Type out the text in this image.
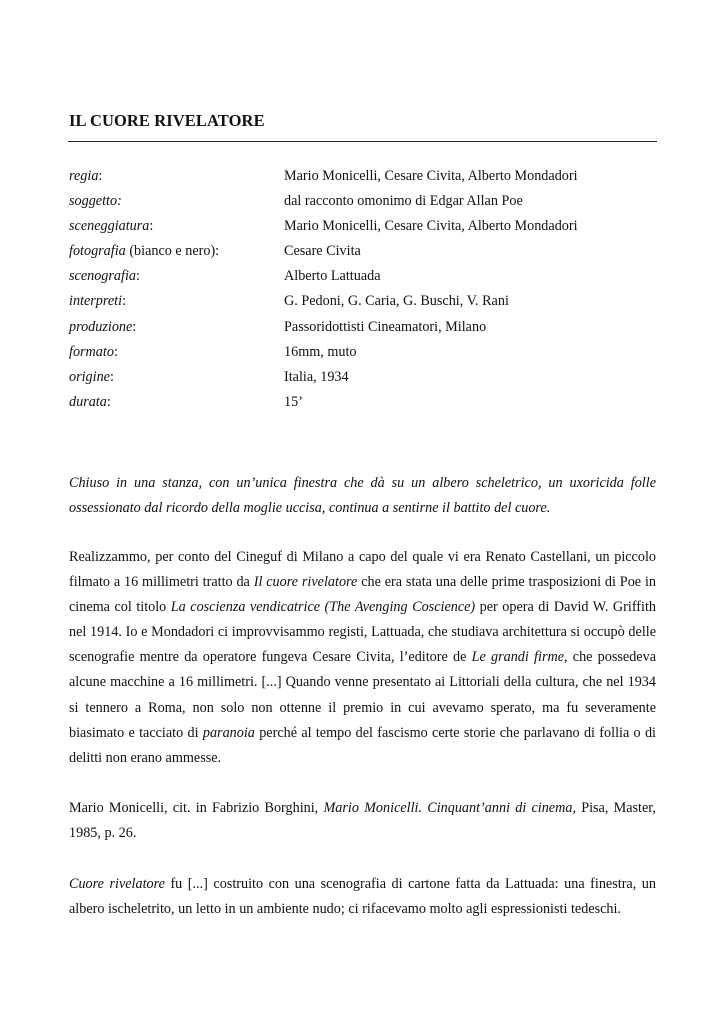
IL CUORE RIVELATORE
regia:	Mario Monicelli, Cesare Civita, Alberto Mondadori
soggetto:	dal racconto omonimo di Edgar Allan Poe
sceneggiatura:	Mario Monicelli, Cesare Civita, Alberto Mondadori
fotografia (bianco e nero):	Cesare Civita
scenografia:	Alberto Lattuada
interpreti:	G. Pedoni, G. Caria, G. Buschi, V. Rani
produzione:	Passoridottisti Cineamatori, Milano
formato:	16mm, muto
origine:	Italia, 1934
durata:	15’

Chiuso in una stanza, con un’unica finestra che dà su un albero scheletrico, un uxoricida folle ossessionato dal ricordo della moglie uccisa, continua a sentirne il battito del cuore.

Realizzammo, per conto del Cineguf di Milano a capo del quale vi era Renato Castellani, un piccolo filmato a 16 millimetri tratto da Il cuore rivelatore che era stata una delle prime trasposizioni di Poe in cinema col titolo La coscienza vendicatrice (The Avenging Coscience) per opera di David W. Griffith nel 1914. Io e Mondadori ci improvvisammo registi, Lattuada, che studiava architettura si occupò delle scenografie mentre da operatore fungeva Cesare Civita, l’editore de Le grandi firme, che possedeva alcune macchine a 16 millimetri. [...] Quando venne presentato ai Littoriali della cultura, che nel 1934 si tennero a Roma, non solo non ottenne il premio in cui avevamo sperato, ma fu severamente biasimato e tacciato di paranoia perché al tempo del fascismo certe storie che parlavano di follia o di delitti non erano ammesse.

Mario Monicelli, cit. in Fabrizio Borghini, Mario Monicelli. Cinquant’anni di cinema, Pisa, Master, 1985, p. 26.

Cuore rivelatore fu [...] costruito con una scenografia di cartone fatta da Lattuada: una finestra, un albero ischeletrito, un letto in un ambiente nudo; ci rifacevamo molto agli espressionisti tedeschi.
